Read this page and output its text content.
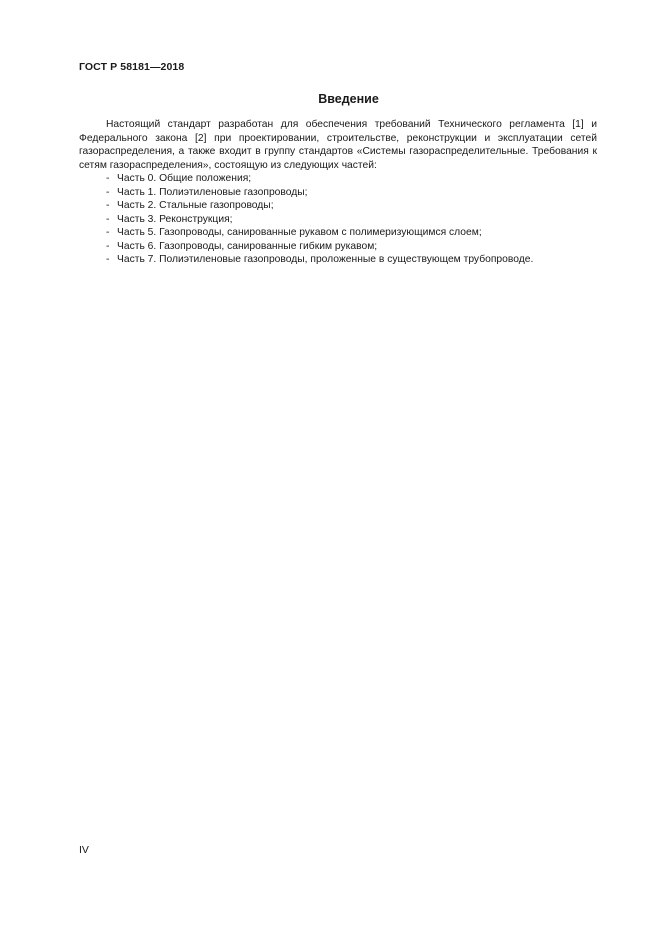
ГОСТ Р 58181—2018
Введение

Настоящий стандарт разработан для обеспечения требований Технического регламента [1] и Федерального закона [2] при проектировании, строительстве, реконструкции и эксплуатации сетей газораспределения, а также входит в группу стандартов «Системы газораспределительные. Требования к сетям газораспределения», состоящую из следующих частей:

- Часть 0. Общие положения;
- Часть 1. Полиэтиленовые газопроводы;
- Часть 2. Стальные газопроводы;
- Часть 3. Реконструкция;
- Часть 5. Газопроводы, санированные рукавом с полимеризующимся слоем;
- Часть 6. Газопроводы, санированные гибким рукавом;
- Часть 7. Полиэтиленовые газопроводы, проложенные в существующем трубопроводе.
IV
